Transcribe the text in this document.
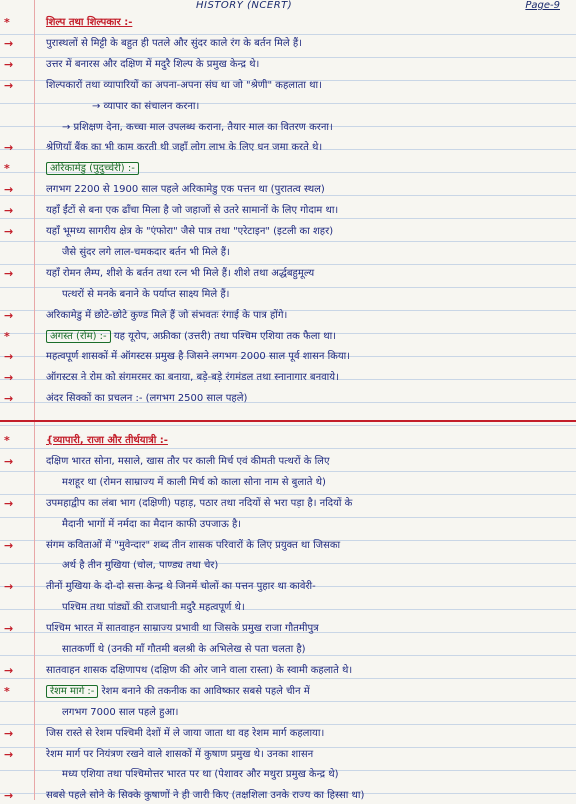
HISTORY (NCERT)	Page-9
*	शिल्प तथा शिल्पकार :-
→	पुरास्थलों से मिट्टी के बहुत ही पतले और सुंदर काले रंग के बर्तन मिले हैं।
→	उत्तर में बनारस और दक्षिण में मदुरै शिल्प के प्रमुख केन्द्र थे।
→	शिल्पकारों तथा व्यापारियों का अपना-अपना संघ था जो "श्रेणी" कहलाता था।
→ व्यापार का संचालन करना।
→ प्रशिक्षण देना, कच्चा माल उपलब्ध कराना, तैयार माल का वितरण करना।
→	श्रेणियाँ बैंक का भी काम करती थी जहाँ लोग लाभ के लिए धन जमा करते थे।
*	अरिकामेडु (पुदुच्चेरी) :-
→	लगभग 2200 से 1900 साल पहले अरिकामेडु एक पत्तन था (पुरातत्व स्थल)
→	यहाँ ईंटों से बना एक ढाँचा मिला है जो जहाजों से उतरे सामानों के लिए गोदाम था।
→	यहाँ भूमध्य सागरीय क्षेत्र के "एंफोरा" जैसे पात्र तथा "एरेटाइन" (इटली का शहर)
जैसे सुंदर लगे लाल-चमकदार बर्तन भी मिले हैं।
→	यहाँ रोमन लैम्प, शीशे के बर्तन तथा रत्न भी मिले हैं। शीशे तथा अर्द्धबहुमूल्य
पत्थरों से मनके बनाने के पर्याप्त साक्ष्य मिले हैं।
→	अरिकामेडु में छोटे-छोटे कुण्ड मिले हैं जो संभवतः रंगाई के पात्र होंगे।
*	अगस्त (रोम) :- यह यूरोप, अफ्रीका (उत्तरी) तथा पश्चिम एशिया तक फैला था।
→	महत्वपूर्ण शासकों में ऑगस्टस प्रमुख है जिसने लगभग 2000 साल पूर्व शासन किया।
→	ऑगस्टस ने रोम को संगमरमर का बनाया, बड़े-बड़े रंगमंडल तथा स्नानागार बनवाये।
→	अंदर सिक्कों का प्रचलन :- (लगभग 2500 साल पहले)
*	{व्यापारी, राजा और तीर्थयात्री :-
→	दक्षिण भारत सोना, मसाले, खास तौर पर काली मिर्च एवं कीमती पत्थरों के लिए
मशहूर था (रोमन साम्राज्य में काली मिर्च को काला सोना नाम से बुलाते थे)
→	उपमहाद्वीप का लंबा भाग (दक्षिणी) पहाड़, पठार तथा नदियों से भरा पड़ा है। नदियों के
मैदानी भागों में नर्मदा का मैदान काफी उपजाऊ है।
→	संगम कविताओं में "मुवेन्दार" शब्द तीन शासक परिवारों के लिए प्रयुक्त था जिसका
अर्थ है तीन मुखिया (चोल, पाण्ड्य तथा चेर)
→	तीनों मुखिया के दो-दो सत्ता केन्द्र थे जिनमें चोलों का पत्तन पुहार था कावेरी-
पश्चिम तथा पांड्यों की राजधानी मदुरै महत्वपूर्ण थे।
→	पश्चिम भारत में सातवाहन साम्राज्य प्रभावी था जिसके प्रमुख राजा गौतमीपुत्र
सातकर्णी थे (उनकी माँ गौतमी बलश्री के अभिलेख से पता चलता है)
→	सातवाहन शासक दक्षिणापथ (दक्षिण की ओर जाने वाला रास्ता) के स्वामी कहलाते थे।
*	रेशम मार्ग :- रेशम बनाने की तकनीक का आविष्कार सबसे पहले चीन में
लगभग 7000 साल पहले हुआ।
→	जिस रास्ते से रेशम पश्चिमी देशों में ले जाया जाता था वह रेशम मार्ग कहलाया।
→	रेशम मार्ग पर नियंत्रण रखने वाले शासकों में कुषाण प्रमुख थे। उनका शासन
मध्य एशिया तथा पश्चिमोत्तर भारत पर था (पेशावर और मथुरा प्रमुख केन्द्र थे)
→	सबसे पहले सोने के सिक्के कुषाणों ने ही जारी किए (तक्षशिला उनके राज्य का हिस्सा था)
